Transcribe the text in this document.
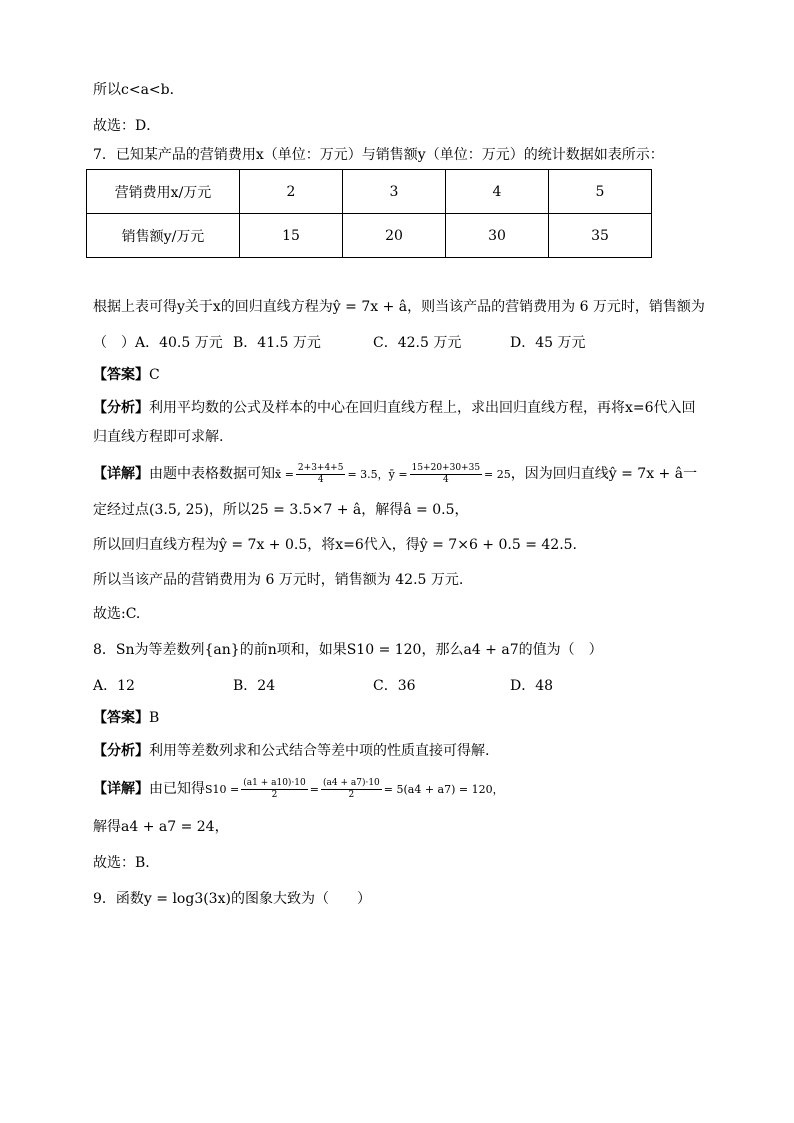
所以c<a<b．
故选：D．
7．已知某产品的营销费用x（单位：万元）与销售额y（单位：万元）的统计数据如表所示：
营销费用x/万元	2	3	4	5
销售额y/万元	15	20	30	35
根据上表可得y关于x的回归直线方程为ŷ = 7x + â，则当该产品的营销费用为 6 万元时，销售额为
（　）A．40.5 万元 B．41.5 万元	C．42.5 万元	D．45 万元
【答案】C
【分析】利用平均数的公式及样本的中心在回归直线方程上，求出回归直线方程，再将x=6代入回
归直线方程即可求解.
【详解】由题中表格数据可知x̄ = $\frac{2+3+4+5}{4} = 3.5$，ȳ = $\frac{15+20+30+35}{4} = 25$，因为回归直线ŷ = 7x + â一
定经过点(3.5, 25)，所以25 = 3.5×7 + â，解得â = 0.5，
所以回归直线方程为ŷ = 7x + 0.5，将x=6代入，得ŷ = 7×6 + 0.5 = 42.5.
所以当该产品的营销费用为 6 万元时，销售额为 42.5 万元.
故选:C.
8．Sn为等差数列{an}的前n项和，如果S10 = 120，那么a4 + a7的值为（　）
A．12	B．24	C．36	D．48
【答案】B
【分析】利用等差数列求和公式结合等差中项的性质直接可得解.
【详解】由已知得$S10 = \frac{(a1 + a10)\cdot 10}{2} = \frac{(a4 + a7)\cdot 10}{2} = 5(a4 + a7) = 120$，
解得a4 + a7 = 24，
故选：B.
9．函数y = log3(3x)的图象大致为（　　）
